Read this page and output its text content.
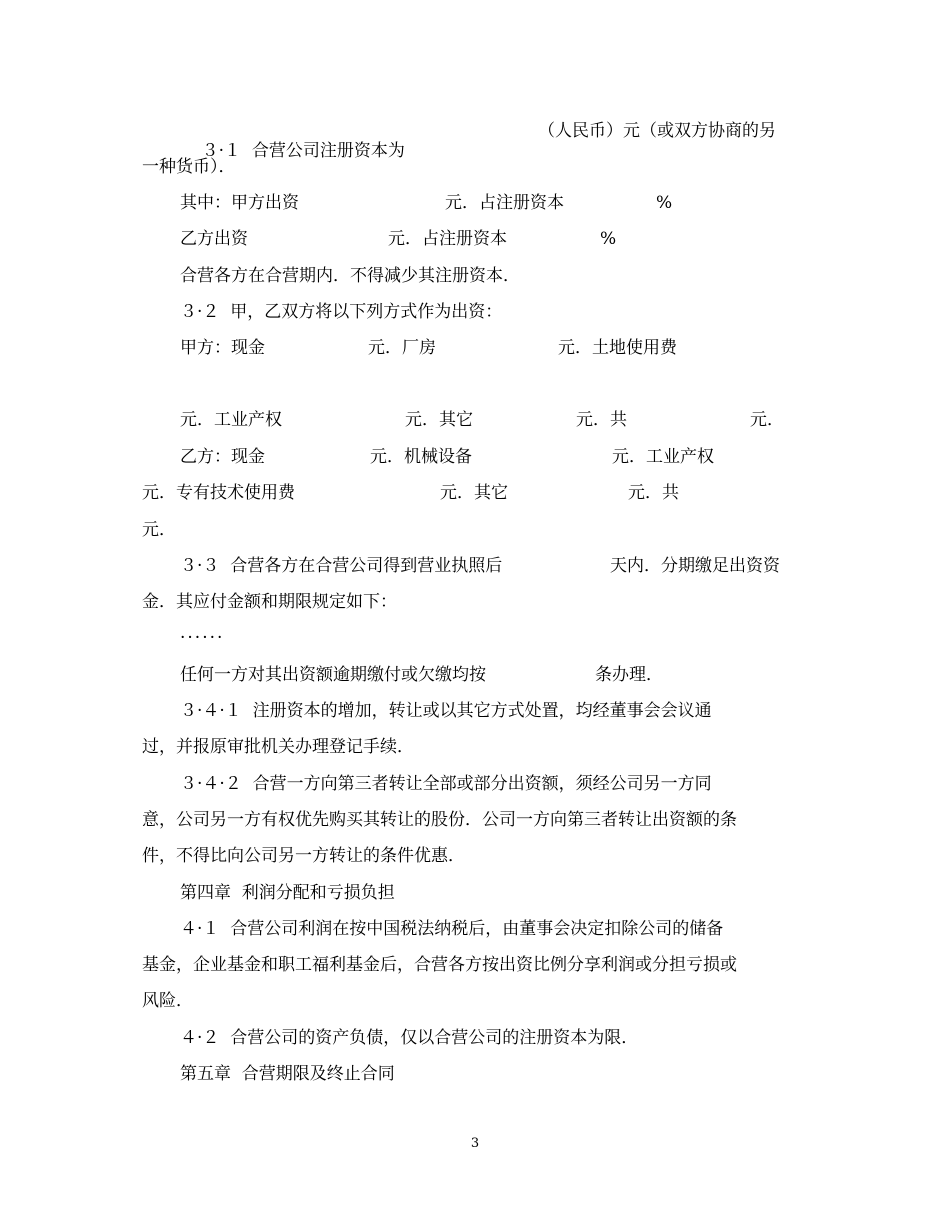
３·１  合营公司注册资本为

（人民币）元（或双方协商的另
一种货币）．
其中：甲方出资	元．占注册资本	%
乙方出资	元．占注册资本	%
合营各方在合营期内．不得减少其注册资本．
３·２  甲，乙双方将以下列方式作为出资：
甲方：现金	元．厂房	元．土地使用费
元．工业产权	元．其它	元．共	元．
乙方：现金	元．机械设备	元．工业产权
元．专有技术使用费	元．其它	元．共
元．
３·３  合营各方在合营公司得到营业执照后	天内．分期缴足出资资
金．其应付金额和期限规定如下：
······
任何一方对其出资额逾期缴付或欠缴均按	条办理．
３·４·１  注册资本的增加，转让或以其它方式处置，均经董事会会议通
过，并报原审批机关办理登记手续．
３·４·２  合营一方向第三者转让全部或部分出资额，须经公司另一方同
意，公司另一方有权优先购买其转让的股份．公司一方向第三者转让出资额的条
件，不得比向公司另一方转让的条件优惠．
第四章  利润分配和亏损负担
４·１  合营公司利润在按中国税法纳税后，由董事会决定扣除公司的储备
基金，企业基金和职工福利基金后，合营各方按出资比例分享利润或分担亏损或
风险．
４·２  合营公司的资产负债，仅以合营公司的注册资本为限．
第五章  合营期限及终止合同
3
